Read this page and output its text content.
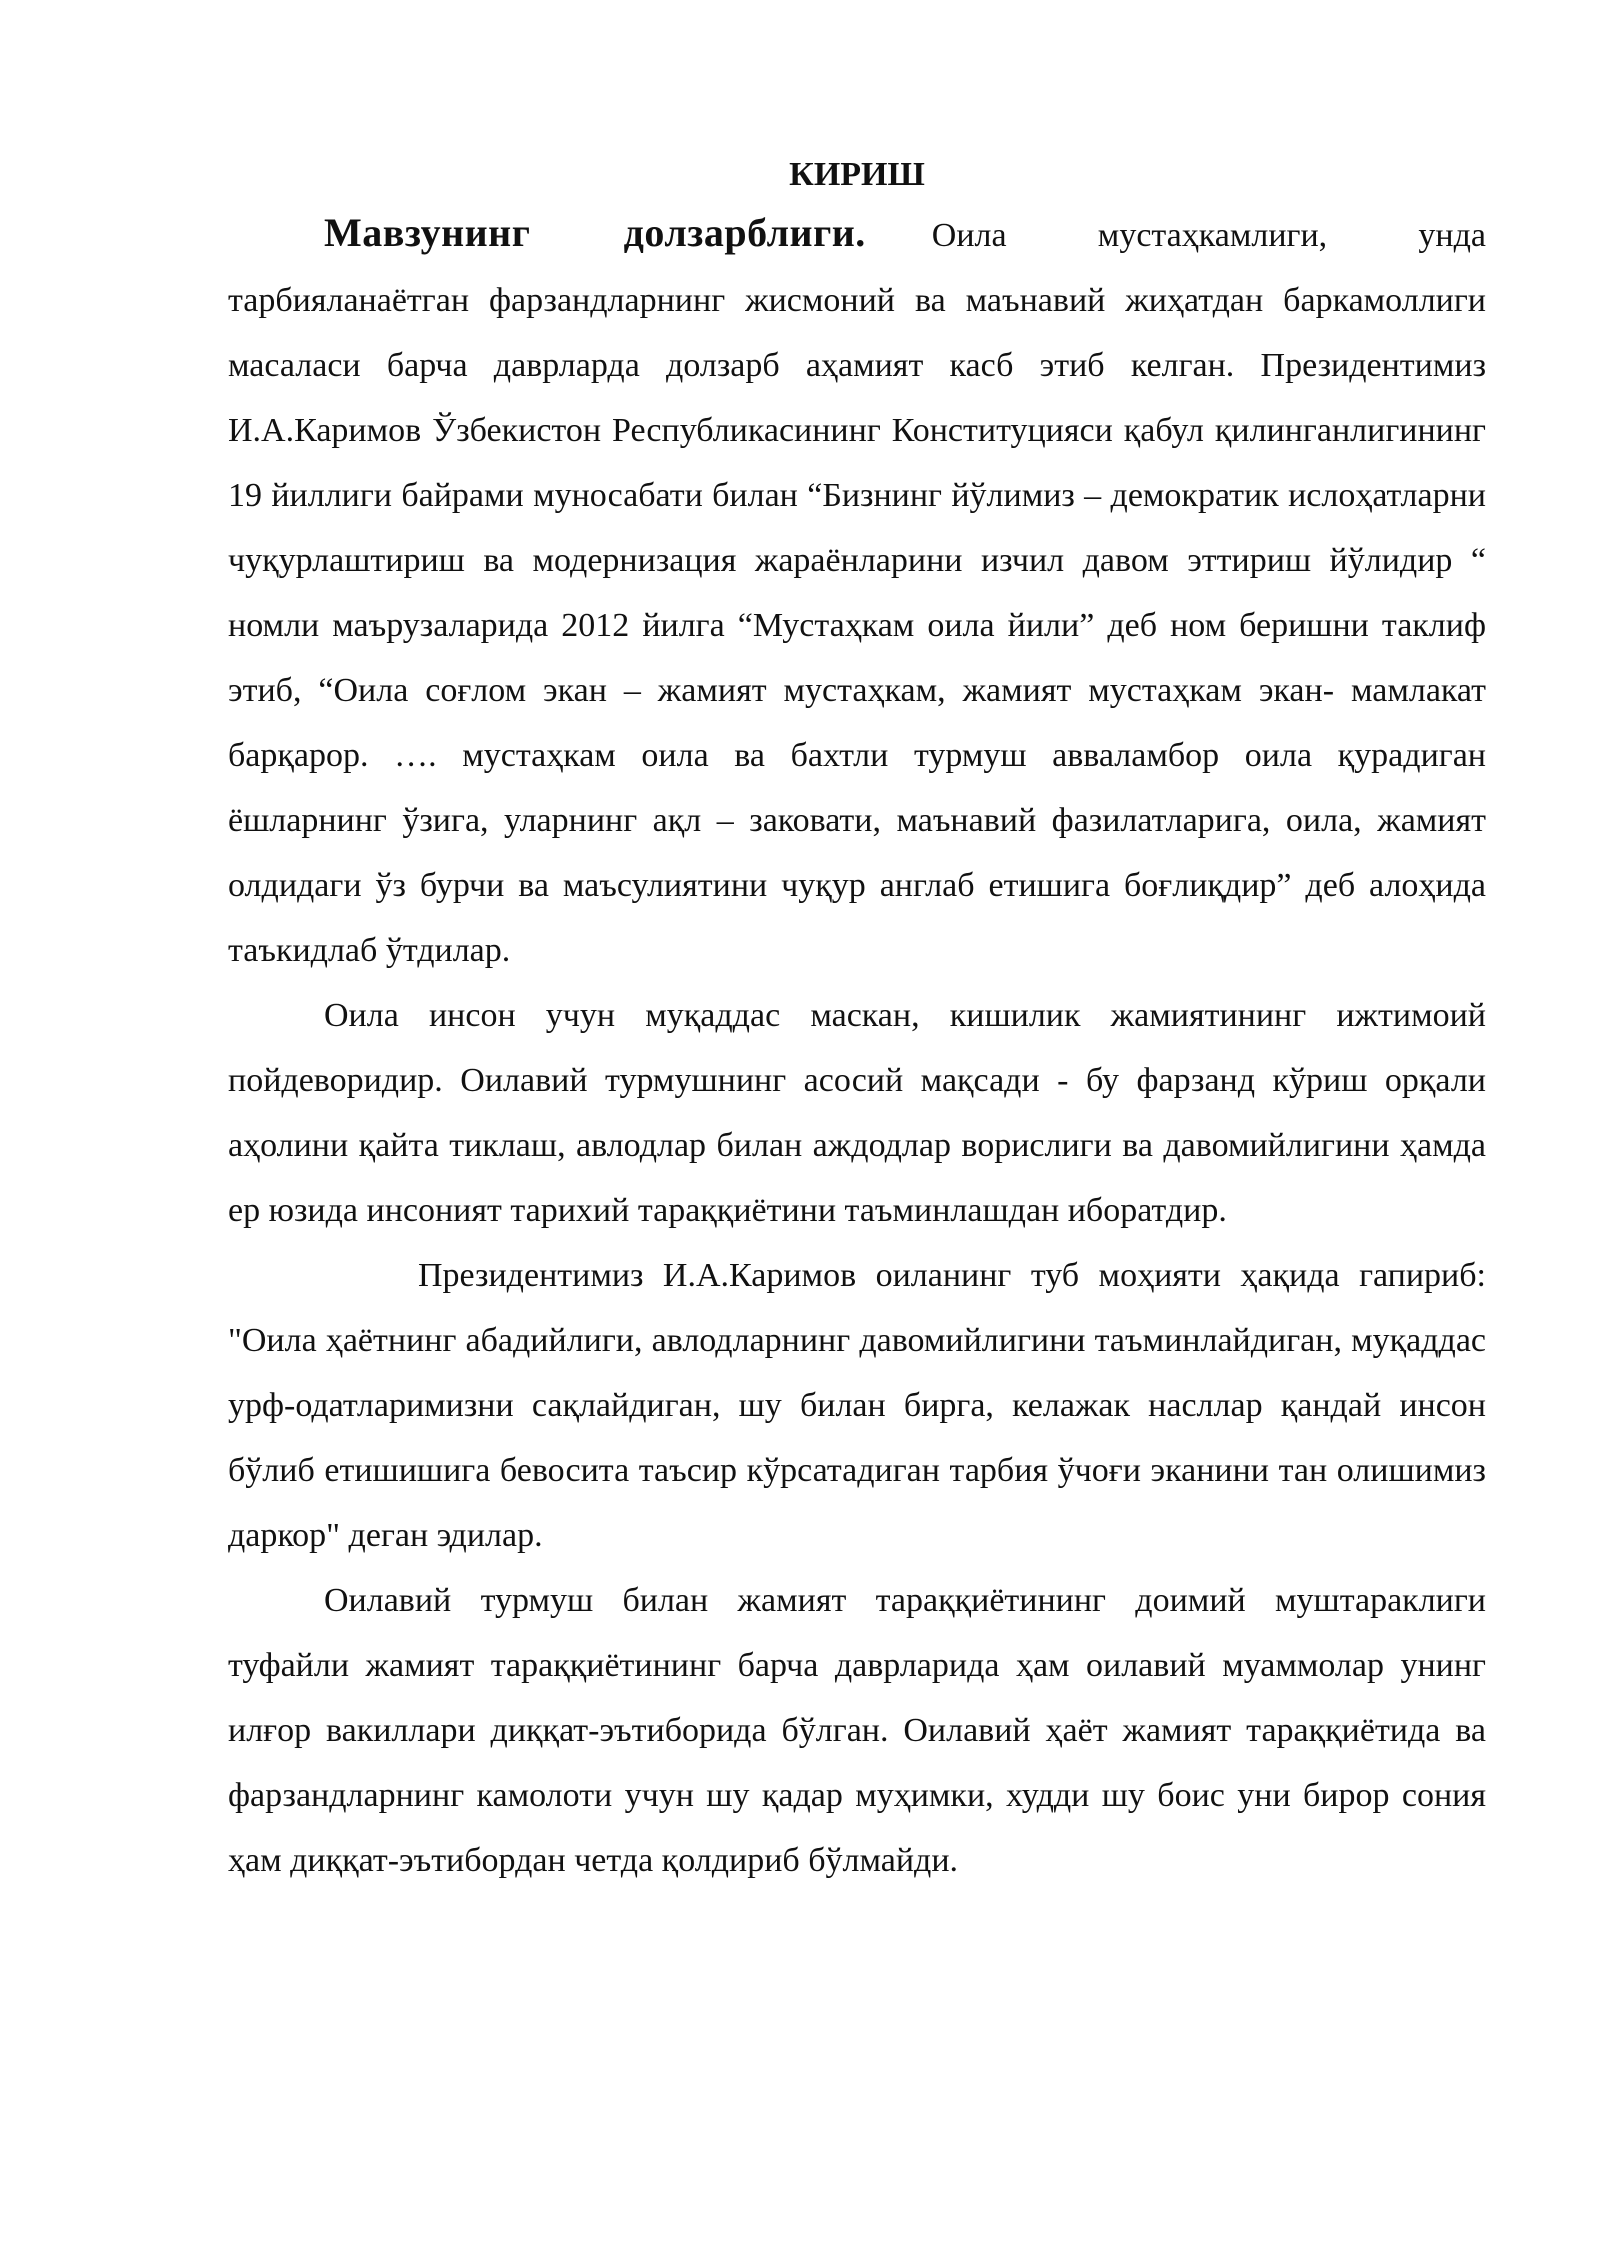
КИРИШ

Мавзунинг долзарблиги. Оила мустаҳкамлиги, унда тарбияланаётган фарзандларнинг жисмоний ва маънавий жиҳатдан баркамоллиги масаласи барча даврларда долзарб аҳамият касб этиб келган. Президентимиз И.А.Каримов Ўзбекистон Республикасининг Конституцияси қабул қилинганлигининг 19 йиллиги байрами муносабати билан “Бизнинг йўлимиз – демократик ислоҳатларни чуқурлаштириш ва модернизация жараёнларини изчил давом эттириш йўлидир “ номли маърузаларида 2012 йилга “Мустаҳкам оила йили” деб ном беришни таклиф этиб, “Оила соғлом экан – жамият мустаҳкам, жамият мустаҳкам экан- мамлакат барқарор. …. мустаҳкам оила ва бахтли турмуш авваламбор оила қурадиган ёшларнинг ўзига, уларнинг ақл – заковати, маънавий фазилатларига, оила, жамият олдидаги ўз бурчи ва маъсулиятини чуқур англаб етишига боғлиқдир” деб алоҳида таъкидлаб ўтдилар.

Оила инсон учун муқаддас маскан, кишилик жамиятининг ижтимоий пойдеворидир. Оилавий турмушнинг асосий мақсади - бу фарзанд кўриш орқали аҳолини қайта тиклаш, авлодлар билан аждодлар ворислиги ва давомийлигини ҳамда ер юзида инсоният тарихий тараққиётини таъминлашдан иборатдир.

Президентимиз И.А.Каримов оиланинг туб моҳияти ҳақида гапириб: "Оила ҳаётнинг абадийлиги, авлодларнинг давомийлигини таъминлайдиган, муқаддас урф-одатларимизни сақлайдиган, шу билан бирга, келажак насллар қандай инсон бўлиб етишишига бевосита таъсир кўрсатадиган тарбия ўчоғи эканини тан олишимиз даркор" деган эдилар.

Оилавий турмуш билан жамият тараққиётининг доимий муштараклиги туфайли жамият тараққиётининг барча даврларида ҳам оилавий муаммолар унинг илғор вакиллари диққат-эътиборида бўлган. Оилавий ҳаёт жамият тараққиётида ва фарзандларнинг камолоти учун шу қадар муҳимки, худди шу боис уни бирор сония ҳам диққат-эътибордан четда қолдириб бўлмайди.
